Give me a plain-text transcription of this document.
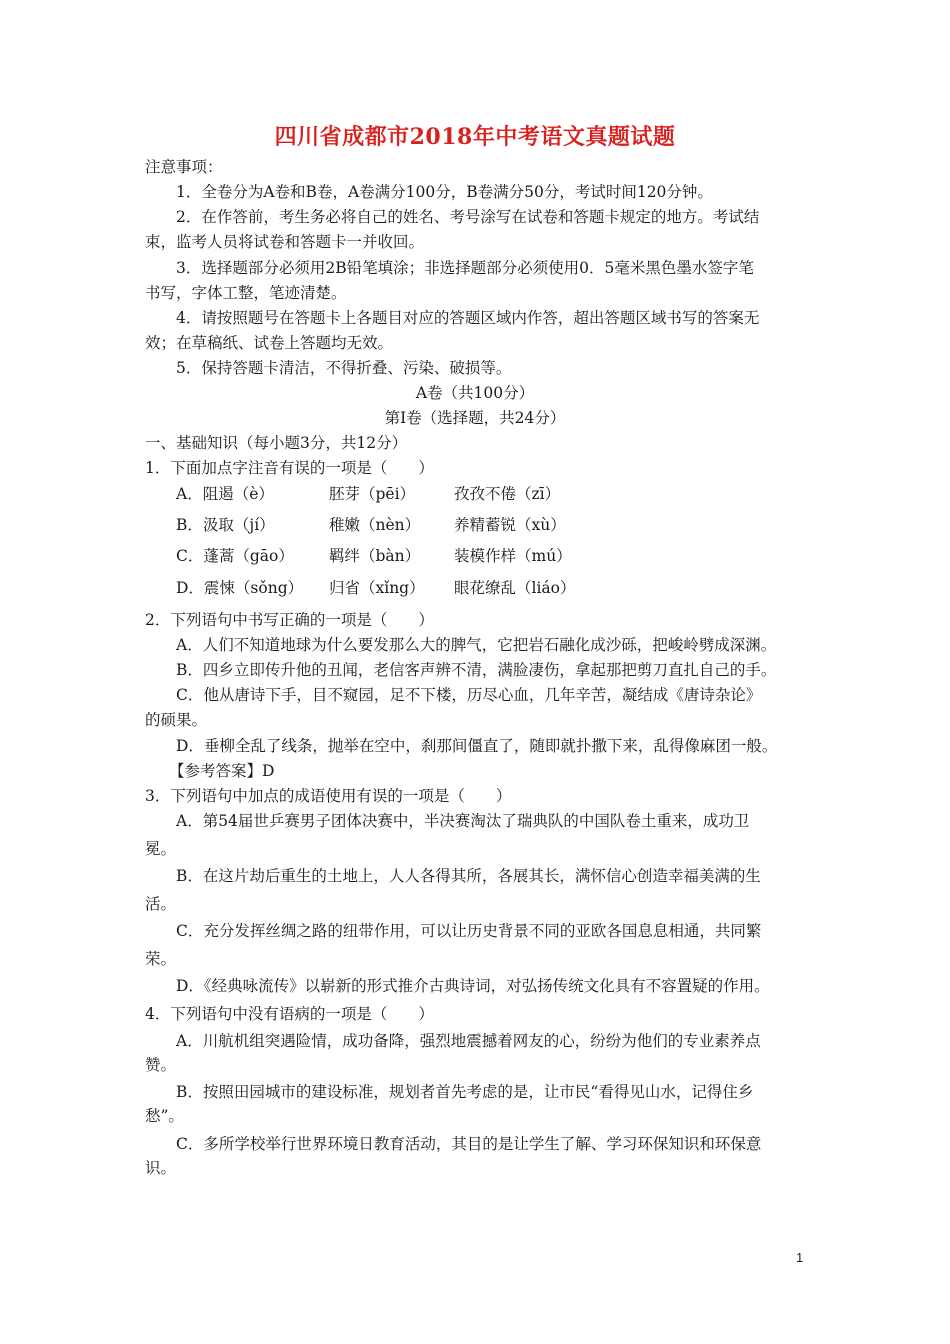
四川省成都市2018年中考语文真题试题
注意事项：
1．全卷分为A卷和B卷，A卷满分100分，B卷满分50分，考试时间120分钟。
2．在作答前，考生务必将自己的姓名、考号涂写在试卷和答题卡规定的地方。考试结
束，监考人员将试卷和答题卡一并收回。
3．选择题部分必须用2B铅笔填涂；非选择题部分必须使用0．5毫米黑色墨水签字笔
书写，字体工整，笔迹清楚。
4．请按照题号在答题卡上各题目对应的答题区域内作答，超出答题区域书写的答案无
效；在草稿纸、试卷上答题均无效。
5．保持答题卡清洁，不得折叠、污染、破损等。
A卷（共100分）
第Ⅰ卷（选择题，共24分）
一、基础知识（每小题3分，共12分）
1．下面加点字注音有误的一项是（　　）
A．阻遏（è）	胚芽（pēi）	孜孜不倦（zī）
B．汲取（jí）	稚嫩（nèn） 养精蓄锐（xù）
C．蓬蒿（gāo） 羁绊（bàn） 装模作样（mú）
D．震悚（sǒng） 归省（xǐng） 眼花缭乱（liáo）
2．下列语句中书写正确的一项是（　　）
A．人们不知道地球为什么要发那么大的脾气，它把岩石融化成沙砾，把峻岭劈成深渊。
B．四乡立即传升他的丑闻，老信客声辨不清，满脸凄伤，拿起那把剪刀直扎自己的手。
C．他从唐诗下手，目不窥园，足不下楼，历尽心血，几年辛苦，凝结成《唐诗杂论》
的硕果。
D．垂柳全乱了线条，抛举在空中，刹那间僵直了，随即就扑撒下来，乱得像麻团一般。
【参考答案】D
3．下列语句中加点的成语使用有误的一项是（　　）
A．第54届世乒赛男子团体决赛中，半决赛淘汰了瑞典队的中国队卷土重来，成功卫
冕。
B．在这片劫后重生的土地上，人人各得其所，各展其长，满怀信心创造幸福美满的生
活。
C．充分发挥丝绸之路的纽带作用，可以让历史背景不同的亚欧各国息息相通，共同繁
荣。
D．《经典咏流传》以崭新的形式推介古典诗词，对弘扬传统文化具有不容置疑的作用。
4．下列语句中没有语病的一项是（　　）
A．川航机组突遇险情，成功备降，强烈地震撼着网友的心，纷纷为他们的专业素养点
赞。
B．按照田园城市的建设标准，规划者首先考虑的是，让市民“看得见山水，记得住乡
愁”。
C．多所学校举行世界环境日教育活动，其目的是让学生了解、学习环保知识和环保意
识。
1
